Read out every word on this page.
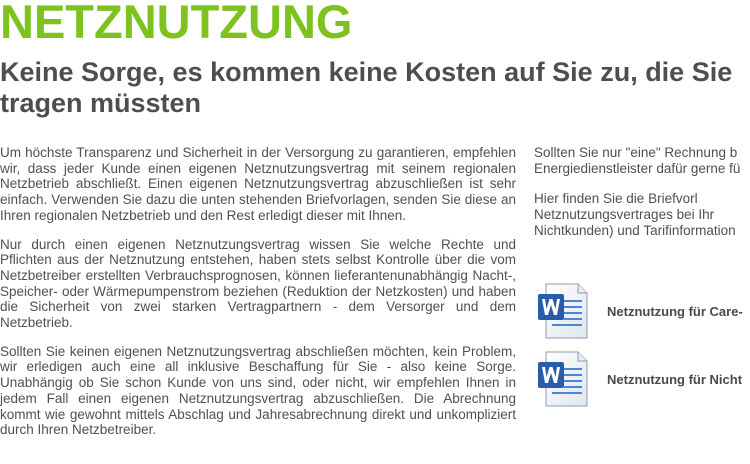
NETZNUTZUNG
Keine Sorge, es kommen keine Kosten auf Sie zu, die Sie tragen müssten

Um höchste Transparenz und Sicherheit in der Versorgung zu garantieren, empfehlen wir, dass jeder Kunde einen eigenen Netznutzungsvertrag mit seinem regionalen Netzbetrieb abschließt. Einen eigenen Netznutzungsvertrag abzuschließen ist sehr einfach. Verwenden Sie dazu die unten stehenden Briefvorlagen, senden Sie diese an Ihren regionalen Netzbetrieb und den Rest erledigt dieser mit Ihnen.

Nur durch einen eigenen Netznutzungsvertrag wissen Sie welche Rechte und Pflichten aus der Netznutzung entstehen, haben stets selbst Kontrolle über die vom Netzbetreiber erstellten Verbrauchsprognosen, können lieferantenunabhängig Nacht-, Speicher- oder Wärmepumpenstrom beziehen (Reduktion der Netzkosten) und haben die Sicherheit von zwei starken Vertragpartnern - dem Versorger und dem Netzbetrieb.

Sollten Sie keinen eigenen Netznutzungsvertrag abschließen möchten, kein Problem, wir erledigen auch eine all inklusive Beschaffung für Sie - also keine Sorge. Unabhängig ob Sie schon Kunde von uns sind, oder nicht, wir empfehlen Ihnen in jedem Fall einen eigenen Netznutzungsvertrag abzuschließen. Die Abrechnung kommt wie gewohnt mittels Abschlag und Jahresabrechnung direkt und unkompliziert durch Ihren Netzbetreiber.

Sollten Sie nur "eine" Rechnung b
Energiedienstleister dafür gerne fü

Hier finden Sie die Briefvorl
Netznutzungsvertrages bei Ihr
Nichtkunden) und Tarifinformation

Netznutzung für Care-
Netznutzung für Nicht
